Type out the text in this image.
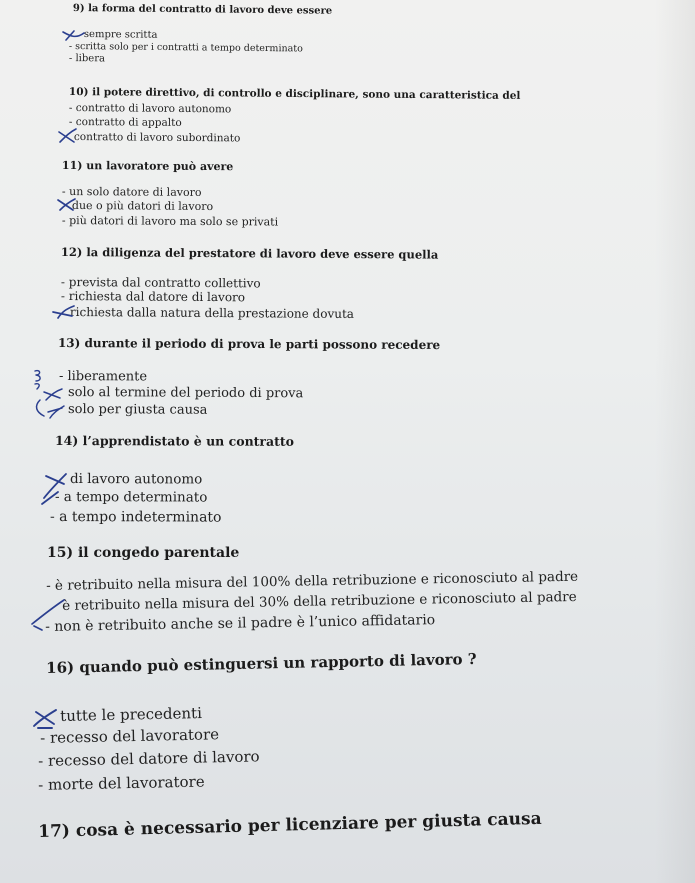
9) la forma del contratto di lavoro deve essere
sempre scritta
- scritta solo per i contratti a tempo determinato
- libera
10) il potere direttivo, di controllo e disciplinare, sono una caratteristica del
- contratto di lavoro autonomo
- contratto di appalto
contratto di lavoro subordinato
11) un lavoratore può avere
- un solo datore di lavoro
due o più datori di lavoro
- più datori di lavoro ma solo se privati
12) la diligenza del prestatore di lavoro deve essere quella
- prevista dal contratto collettivo
- richiesta dal datore di lavoro
richiesta dalla natura della prestazione dovuta
13) durante il periodo di prova le parti possono recedere
- liberamente
solo al termine del periodo di prova
solo per giusta causa
14) l’apprendistato è un contratto
di lavoro autonomo
- a tempo determinato
- a tempo indeterminato
15) il congedo parentale
- è retribuito nella misura del 100% della retribuzione e riconosciuto al padre
è retribuito nella misura del 30% della retribuzione e riconosciuto al padre
- non è retribuito anche se il padre è l’unico affidatario
16) quando può estinguersi un rapporto di lavoro ?
tutte le precedenti
- recesso del lavoratore
- recesso del datore di lavoro
- morte del lavoratore
17) cosa è necessario per licenziare per giusta causa
